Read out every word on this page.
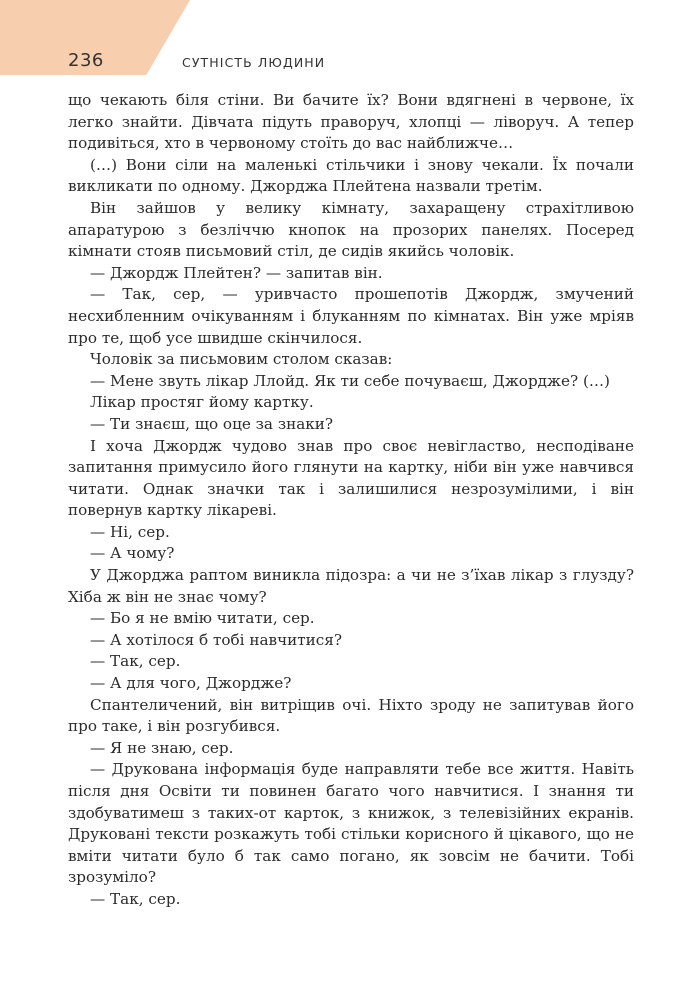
236	СУТНІСТЬ ЛЮДИНИ

що чекають біля стіни. Ви бачите їх? Вони вдягнені в червоне, їх легко знайти. Дівчата підуть праворуч, хлопці — ліворуч. А тепер подивіться, хто в червоному стоїть до вас найближче…

(…) Вони сіли на маленькі стільчики і знову чекали. Їх почали викликати по одному. Джорджа Плейтена назвали третім.

Він зайшов у велику кімнату, захаращену страхітливою апаратурою з безліччю кнопок на прозорих панелях. Посеред кімнати стояв письмовий стіл, де сидів якийсь чоловік.

— Джордж Плейтен? — запитав він.

— Так, сер, — уривчасто прошепотів Джордж, змучений несхибленним очікуванням і блуканням по кімнатах. Він уже мріяв про те, щоб усе швидше скінчилося.

Чоловік за письмовим столом сказав:

— Мене звуть лікар Ллойд. Як ти себе почуваєш, Джордже? (…)

Лікар простяг йому картку.

— Ти знаєш, що оце за знаки?

І хоча Джордж чудово знав про своє невігластво, несподіване запитання примусило його глянути на картку, ніби він уже навчився читати. Однак значки так і залишилися незрозумілими, і він повернув картку лікареві.

— Ні, сер.

— А чому?

У Джорджа раптом виникла підозра: а чи не з’їхав лікар з глузду? Хіба ж він не знає чому?

— Бо я не вмію читати, сер.

— А хотілося б тобі навчитися?

— Так, сер.

— А для чого, Джордже?

Спантеличений, він витріщив очі. Ніхто зроду не запитував його про таке, і він розгубився.

— Я не знаю, сер.

— Друкована інформація буде направляти тебе все життя. Навіть після дня Освіти ти повинен багато чого навчитися. І знання ти здобуватимеш з таких-от карток, з книжок, з телевізійних екранів. Друковані тексти розкажуть тобі стільки корисного й цікавого, що не вміти читати було б так само погано, як зовсім не бачити. Тобі зрозуміло?

— Так, сер.
